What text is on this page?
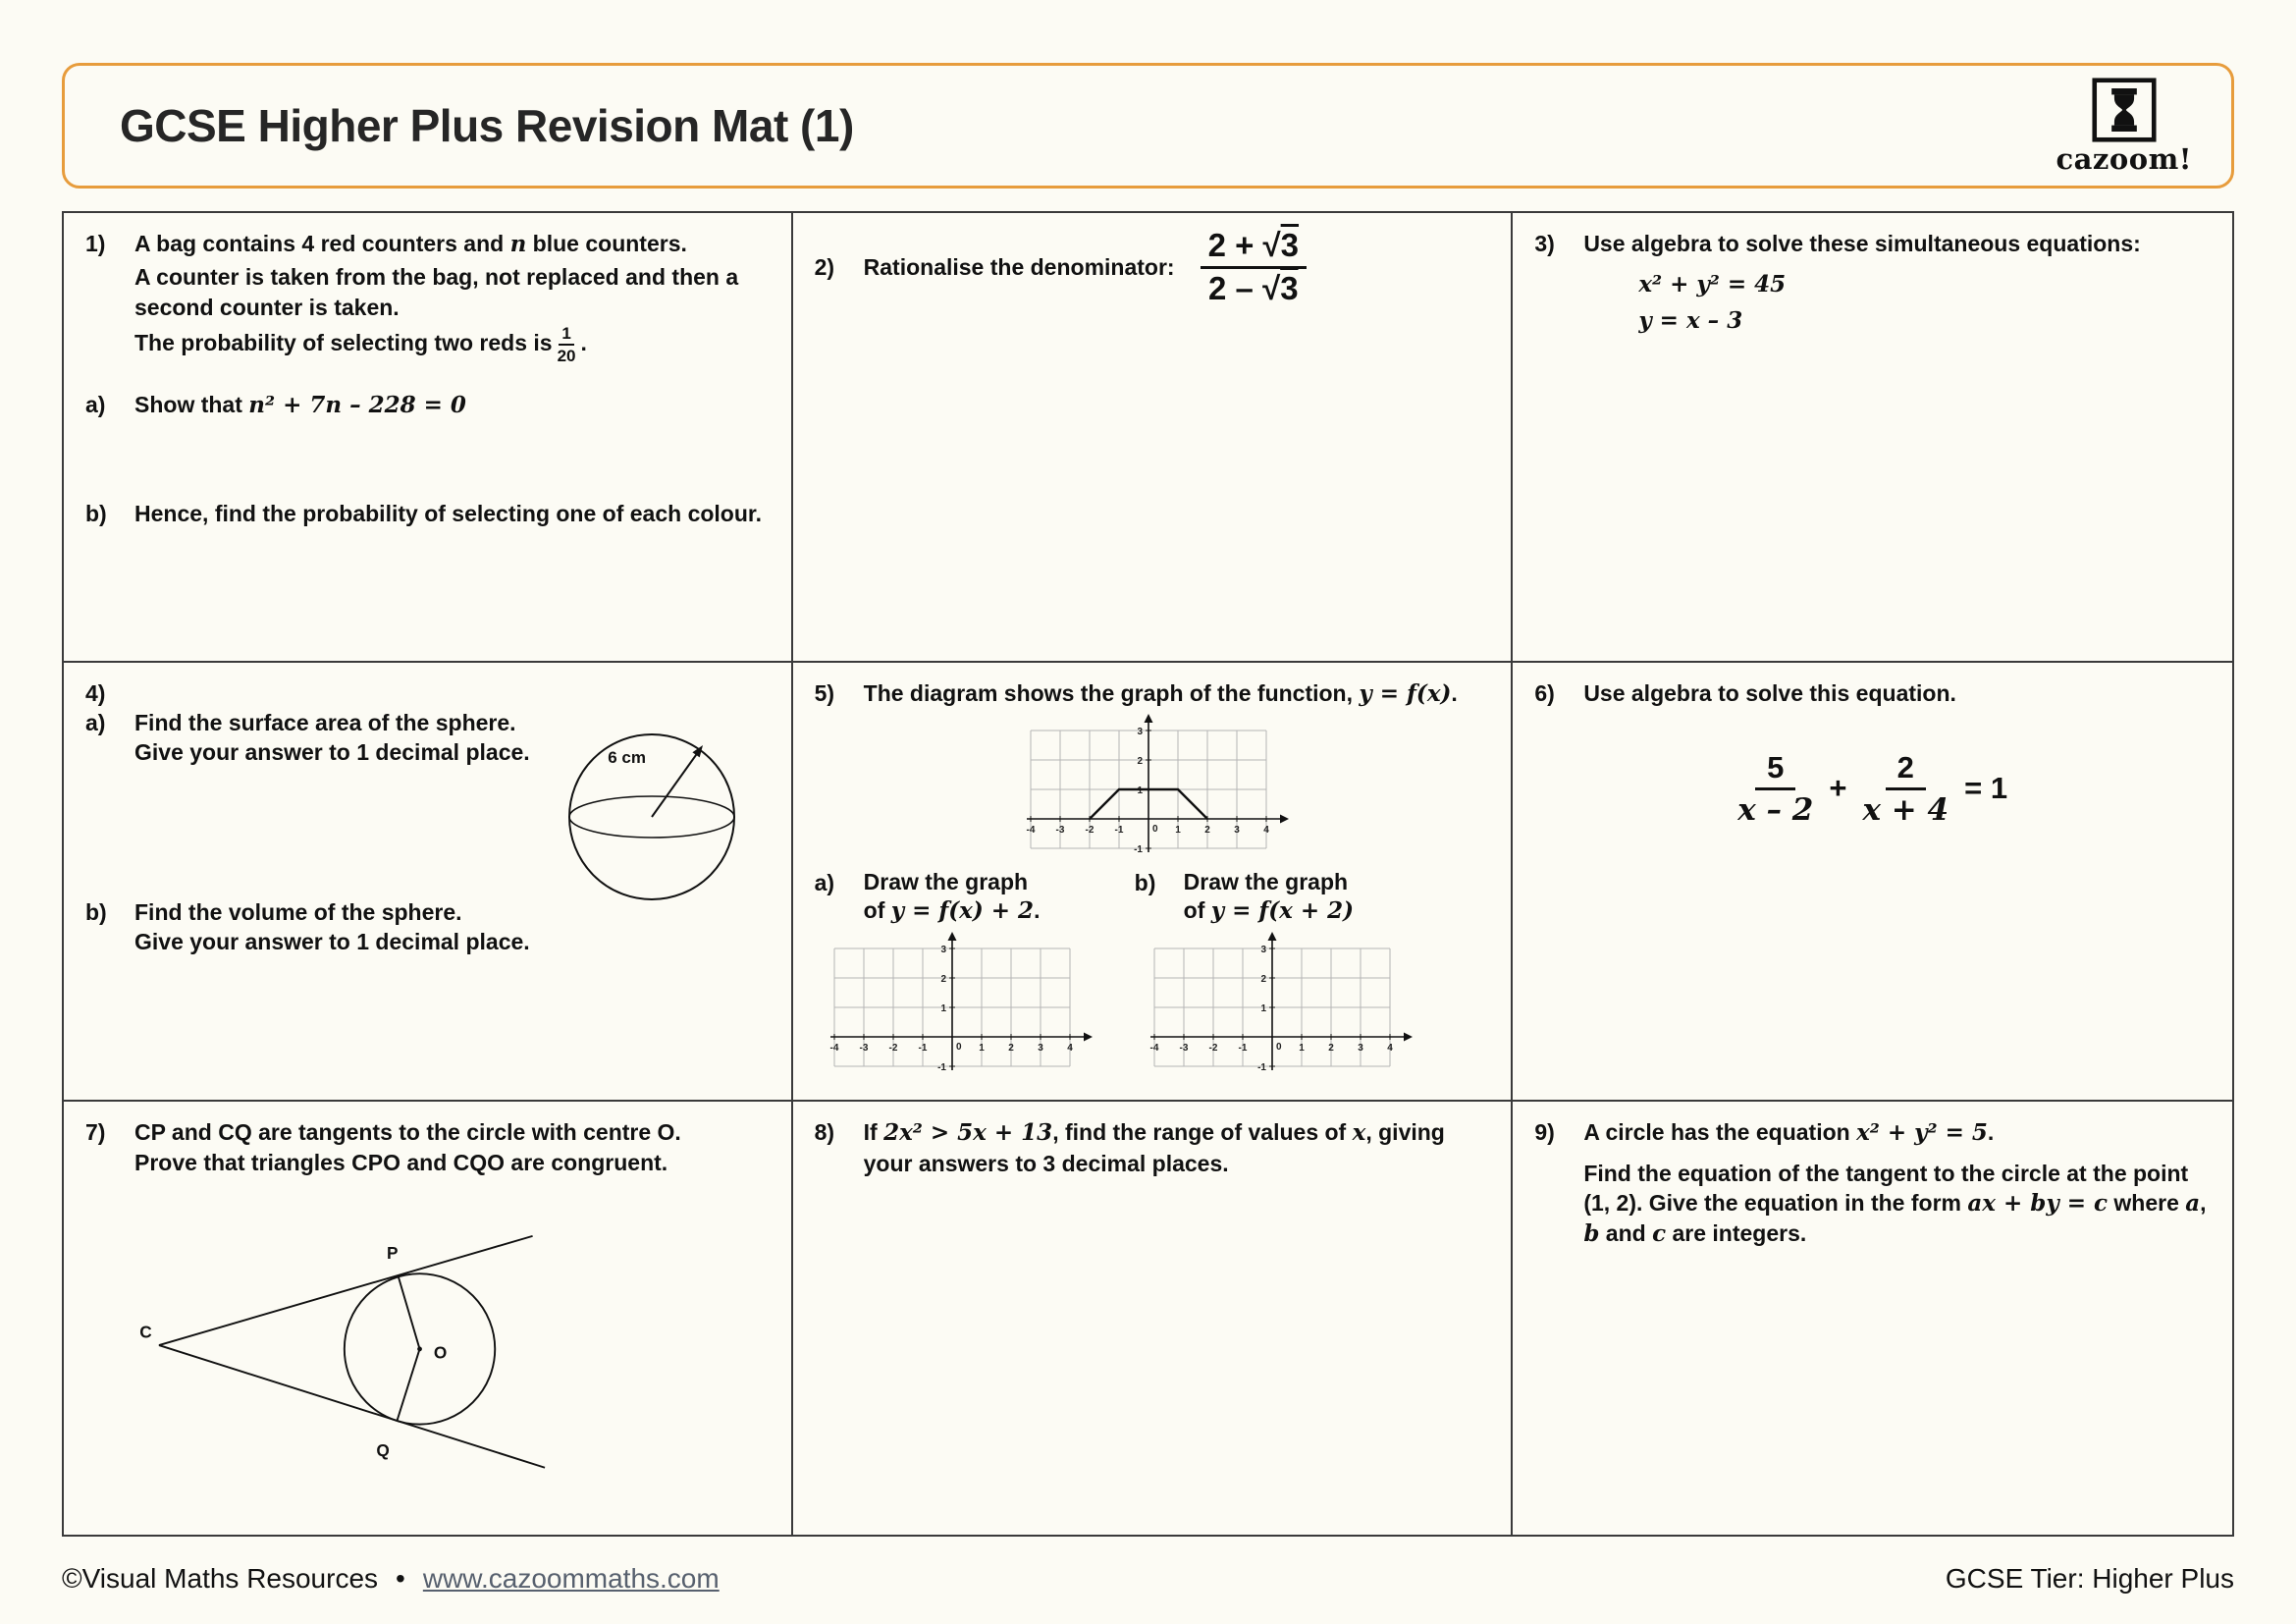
GCSE Higher Plus Revision Mat (1)
cazoom!
1)	A bag contains 4 red counters and n blue counters.

A counter is taken from the bag, not replaced and then a second counter is taken.

The probability of selecting two reds is $\frac{1}{20}$ .

a)	Show that n² + 7n – 228 = 0

b)	Hence, find the probability of selecting one of each colour.

2)	Rationalise the denominator: $\frac{2 + √3}{2 - √3}$	3)	Use algebra to solve these simultaneous equations:

x² + y² = 45

y = x – 3

4)
a)	Find the surface area of the sphere.
Give your answer to 1 decimal place.	6 cm
b)	Find the volume of the sphere.
Give your answer to 1 decimal place.

5)	The diagram shows the graph of the function, y = f(x).

-4 -3 -2 -1	1 2 3 4
-1
1
2
3
0
a)	Draw the graph
of y = f(x) + 2.

-4 -3 -2 -1	1 2 3 4
-1
1
2
3
0
b)	Draw the graph
of y = f(x + 2)

-4 -3 -2 -1	1 2 3 4
-1
1
2
3
0
6)	Use algebra to solve this equation.

$\frac{5}{x - 2} + \frac{2}{x + 4} = 1$
7)	CP and CQ are tangents to the circle with centre O.
Prove that triangles CPO and CQO are congruent.

P
C
O
Q
8)	If 2x² > 5x + 13, find the range of values of x, giving your answers to 3 decimal places.

9)	A circle has the equation x² + y² = 5.

Find the equation of the tangent to the circle at the point (1, 2). Give the equation in the form ax + by = c where a, b and c are integers.

©Visual Maths Resources • www.cazoommaths.com	GCSE Tier: Higher Plus
